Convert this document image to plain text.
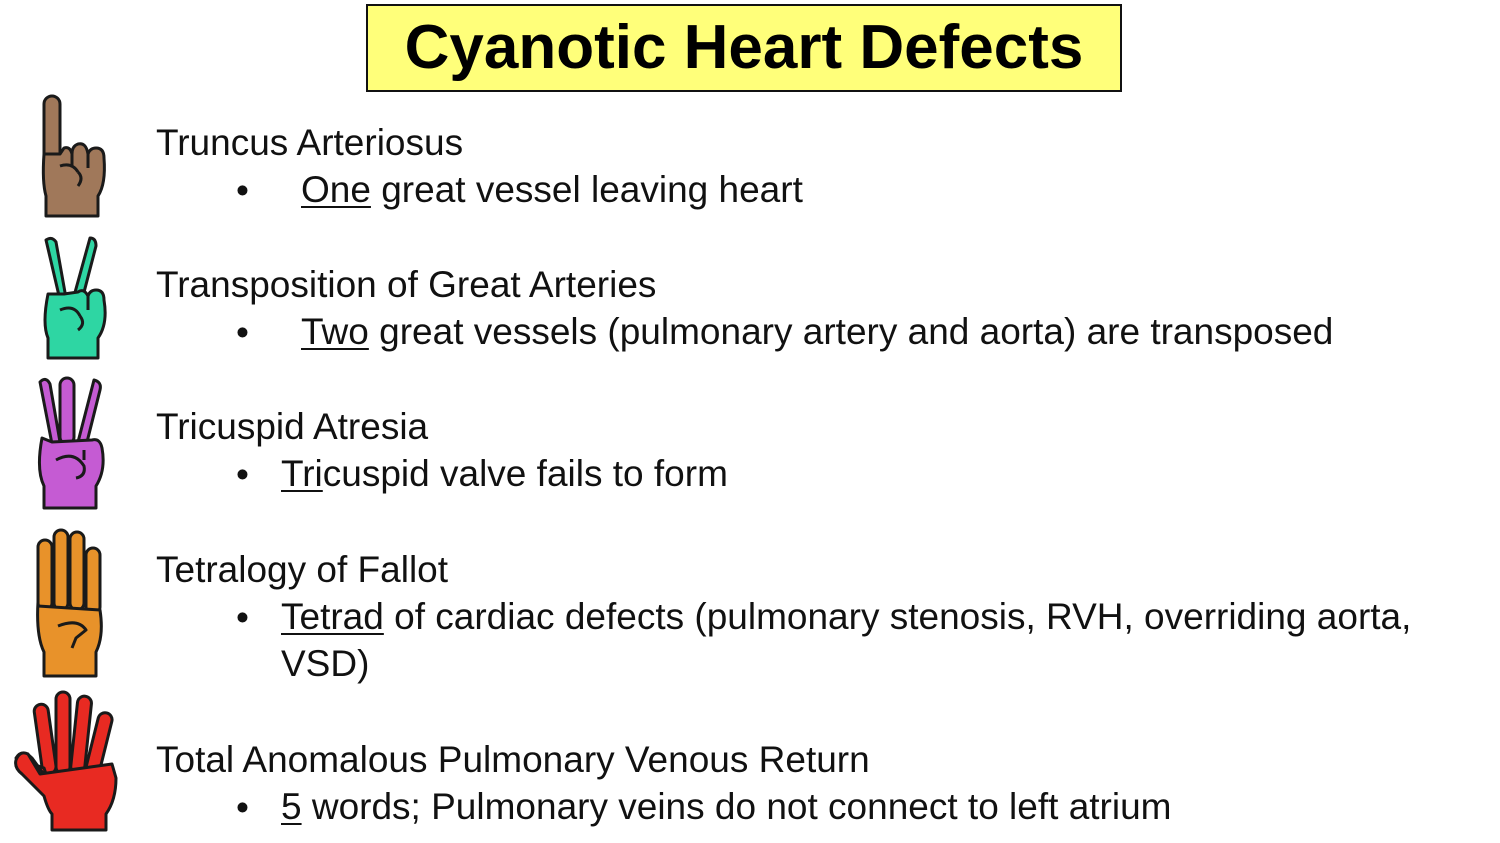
Cyanotic Heart Defects
Truncus Arteriosus
• One great vessel leaving heart
Transposition of Great Arteries
• Two great vessels (pulmonary artery and aorta) are transposed
Tricuspid Atresia
• Tricuspid valve fails to form
Tetralogy of Fallot
• Tetrad of cardiac defects (pulmonary stenosis, RVH, overriding aorta,
VSD)
Total Anomalous Pulmonary Venous Return
• 5 words; Pulmonary veins do not connect to left atrium
